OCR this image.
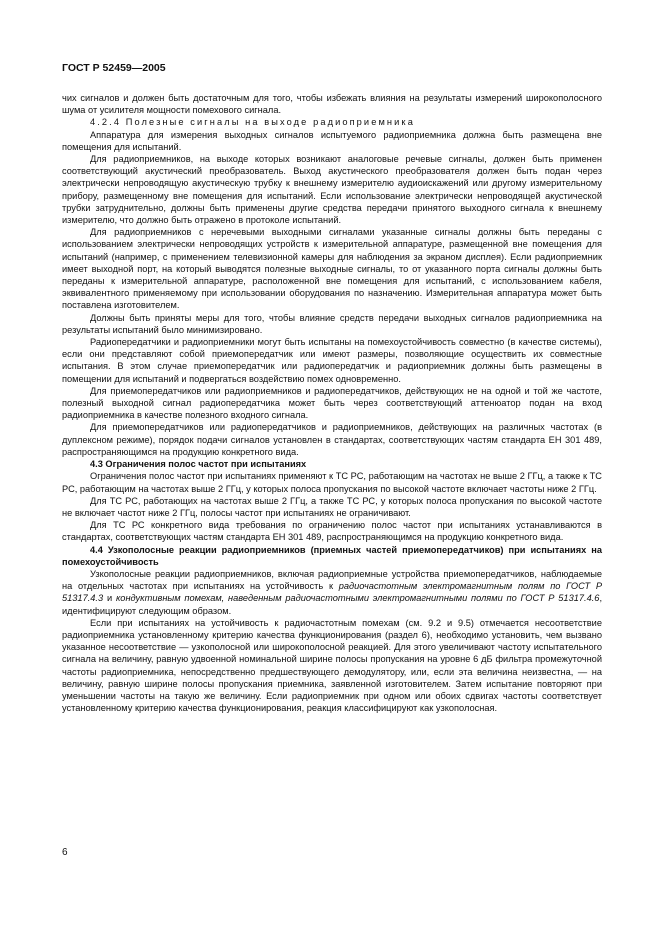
ГОСТ Р 52459—2005

чих сигналов и должен быть достаточным для того, чтобы избежать влияния на результаты измерений широкополосного шума от усилителя мощности помехового сигнала.

4.2.4 Полезные сигналы на выходе радиоприемника

Аппаратура для измерения выходных сигналов испытуемого радиоприемника должна быть размещена вне помещения для испытаний.

Для радиоприемников, на выходе которых возникают аналоговые речевые сигналы, должен быть применен соответствующий акустический преобразователь. Выход акустического преобразователя должен быть подан через электрически непроводящую акустическую трубку к внешнему измерителю аудиоискажений или другому измерительному прибору, размещенному вне помещения для испытаний. Если использование электрически непроводящей акустической трубки затруднительно, должны быть применены другие средства передачи принятого выходного сигнала к внешнему измерителю, что должно быть отражено в протоколе испытаний.

Для радиоприемников с неречевыми выходными сигналами указанные сигналы должны быть переданы с использованием электрически непроводящих устройств к измерительной аппаратуре, размещенной вне помещения для испытаний (например, с применением телевизионной камеры для наблюдения за экраном дисплея). Если радиоприемник имеет выходной порт, на который выводятся полезные выходные сигналы, то от указанного порта сигналы должны быть переданы к измерительной аппаратуре, расположенной вне помещения для испытаний, с использованием кабеля, эквивалентного применяемому при использовании оборудования по назначению. Измерительная аппаратура может быть поставлена изготовителем.

Должны быть приняты меры для того, чтобы влияние средств передачи выходных сигналов радиоприемника на результаты испытаний было минимизировано.

Радиопередатчики и радиоприемники могут быть испытаны на помехоустойчивость совместно (в качестве системы), если они представляют собой приемопередатчик или имеют размеры, позволяющие осуществить их совместные испытания. В этом случае приемопередатчик или радиопередатчик и радиоприемник должны быть размещены в помещении для испытаний и подвергаться воздействию помех одновременно.

Для приемопередатчиков или радиоприемников и радиопередатчиков, действующих не на одной и той же частоте, полезный выходной сигнал радиопередатчика может быть через соответствующий аттенюатор подан на вход радиоприемника в качестве полезного входного сигнала.

Для приемопередатчиков или радиопередатчиков и радиоприемников, действующих на различных частотах (в дуплексном режиме), порядок подачи сигналов установлен в стандартах, соответствующих частям стандарта ЕН 301 489, распространяющимся на продукцию конкретного вида.

4.3 Ограничения полос частот при испытаниях

Ограничения полос частот при испытаниях применяют к ТС РС, работающим на частотах не выше 2 ГГц, а также к ТС РС, работающим на частотах выше 2 ГГц, у которых полоса пропускания по высокой частоте включает частоты ниже 2 ГГц.

Для ТС РС, работающих на частотах выше 2 ГГц, а также ТС РС, у которых полоса пропускания по высокой частоте не включает частот ниже 2 ГГц, полосы частот при испытаниях не ограничивают.

Для ТС РС конкретного вида требования по ограничению полос частот при испытаниях устанавливаются в стандартах, соответствующих частям стандарта ЕН 301 489, распространяющимся на продукцию конкретного вида.

4.4 Узкополосные реакции радиоприемников (приемных частей приемопередатчиков) при испытаниях на помехоустойчивость

Узкополосные реакции радиоприемников, включая радиоприемные устройства приемопередатчиков, наблюдаемые на отдельных частотах при испытаниях на устойчивость к радиочастотным электромагнитным полям по ГОСТ Р 51317.4.3 и кондуктивным помехам, наведенным радиочастотными электромагнитными полями по ГОСТ Р 51317.4.6, идентифицируют следующим образом.

Если при испытаниях на устойчивость к радиочастотным помехам (см. 9.2 и 9.5) отмечается несоответствие радиоприемника установленному критерию качества функционирования (раздел 6), необходимо установить, чем вызвано указанное несоответствие — узкополосной или широкополосной реакцией. Для этого увеличивают частоту испытательного сигнала на величину, равную удвоенной номинальной ширине полосы пропускания на уровне 6 дБ фильтра промежуточной частоты радиоприемника, непосредственно предшествующего демодулятору, или, если эта величина неизвестна, — на величину, равную ширине полосы пропускания приемника, заявленной изготовителем. Затем испытание повторяют при уменьшении частоты на такую же величину. Если радиоприемник при одном или обоих сдвигах частоты соответствует установленному критерию качества функционирования, реакция классифицируют как узкополосная.

6
